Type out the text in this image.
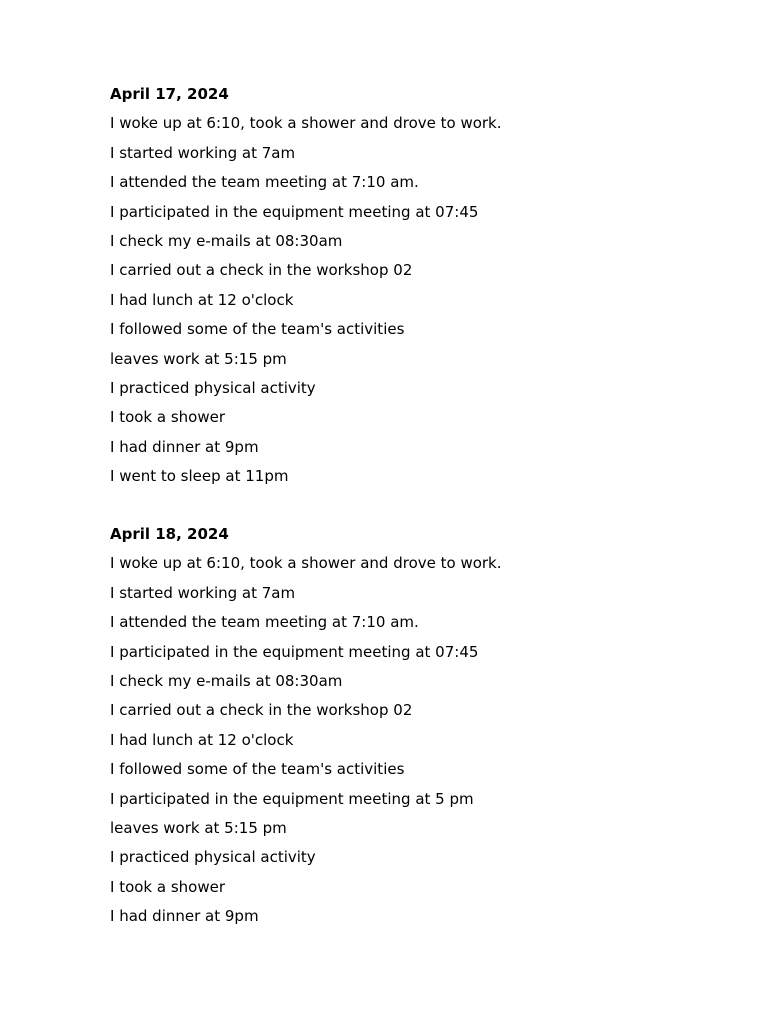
April 17, 2024
I woke up at 6:10, took a shower and drove to work.
I started working at 7am
I attended the team meeting at 7:10 am.
I participated in the equipment meeting at 07:45
I check my e-mails at 08:30am
I carried out a check in the workshop 02
I had lunch at 12 o'clock
I followed some of the team's activities
leaves work at 5:15 pm
I practiced physical activity
I took a shower
I had dinner at 9pm
I went to sleep at 11pm
April 18, 2024
I woke up at 6:10, took a shower and drove to work.
I started working at 7am
I attended the team meeting at 7:10 am.
I participated in the equipment meeting at 07:45
I check my e-mails at 08:30am
I carried out a check in the workshop 02
I had lunch at 12 o'clock
I followed some of the team's activities
I participated in the equipment meeting at 5 pm
leaves work at 5:15 pm
I practiced physical activity
I took a shower
I had dinner at 9pm
